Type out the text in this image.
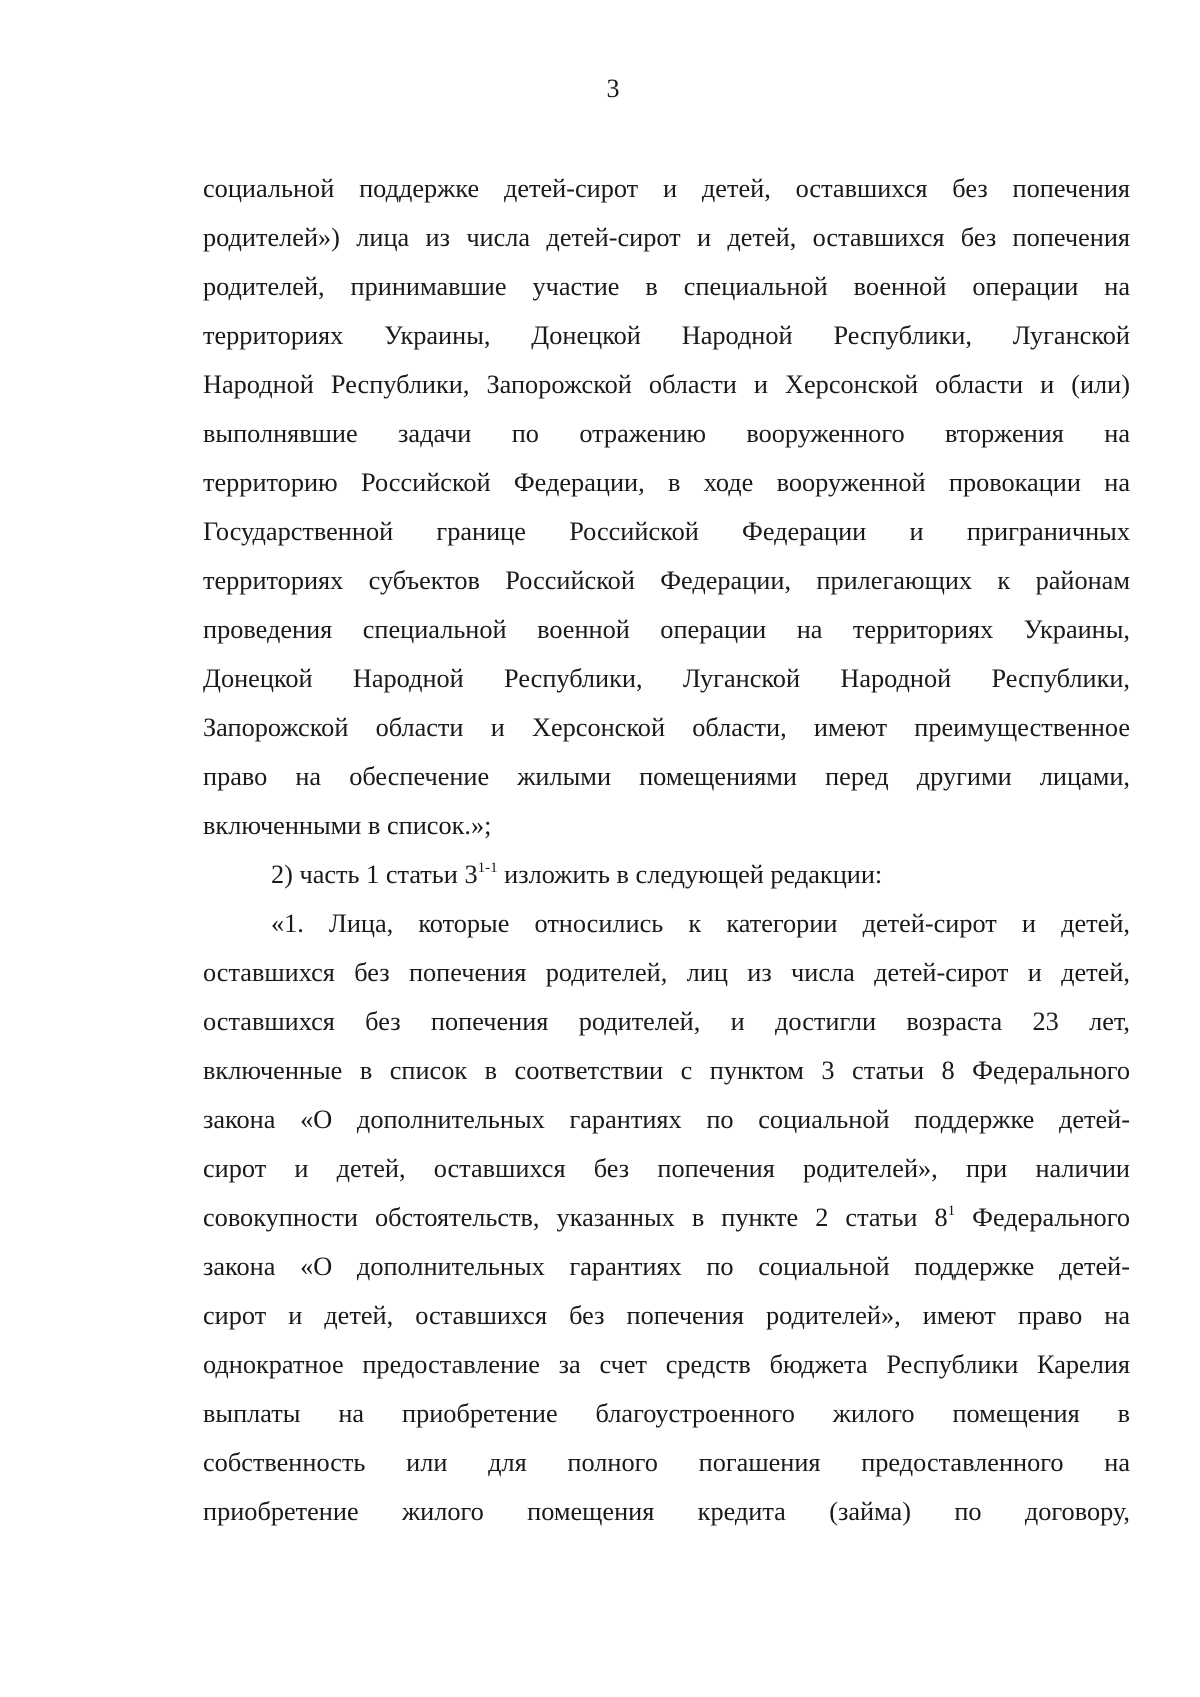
3

социальной поддержке детей-сирот и детей, оставшихся без попечения

родителей») лица из числа детей-сирот и детей, оставшихся без попечения

родителей, принимавшие участие в специальной военной операции на

территориях Украины, Донецкой Народной Республики, Луганской

Народной Республики, Запорожской области и Херсонской области и (или)

выполнявшие задачи по отражению вооруженного вторжения на

территорию Российской Федерации, в ходе вооруженной провокации на

Государственной границе Российской Федерации и приграничных

территориях субъектов Российской Федерации, прилегающих к районам

проведения специальной военной операции на территориях Украины,

Донецкой Народной Республики, Луганской Народной Республики,

Запорожской области и Херсонской области, имеют преимущественное

право на обеспечение жилыми помещениями перед другими лицами,

включенными в список.»;

2) часть 1 статьи 3$^{1-1}$ изложить в следующей редакции:

«1. Лица, которые относились к категории детей-сирот и детей,

оставшихся без попечения родителей, лиц из числа детей-сирот и детей,

оставшихся без попечения родителей, и достигли возраста 23 лет,

включенные в список в соответствии с пунктом 3 статьи 8 Федерального

закона «О дополнительных гарантиях по социальной поддержке детей-

сирот и детей, оставшихся без попечения родителей», при наличии

совокупности обстоятельств, указанных в пункте 2 статьи $8^1$ Федерального

закона «О дополнительных гарантиях по социальной поддержке детей-

сирот и детей, оставшихся без попечения родителей», имеют право на

однократное предоставление за счет средств бюджета Республики Карелия

выплаты на приобретение благоустроенного жилого помещения в

собственность или для полного погашения предоставленного на

приобретение жилого помещения кредита (займа) по договору,
